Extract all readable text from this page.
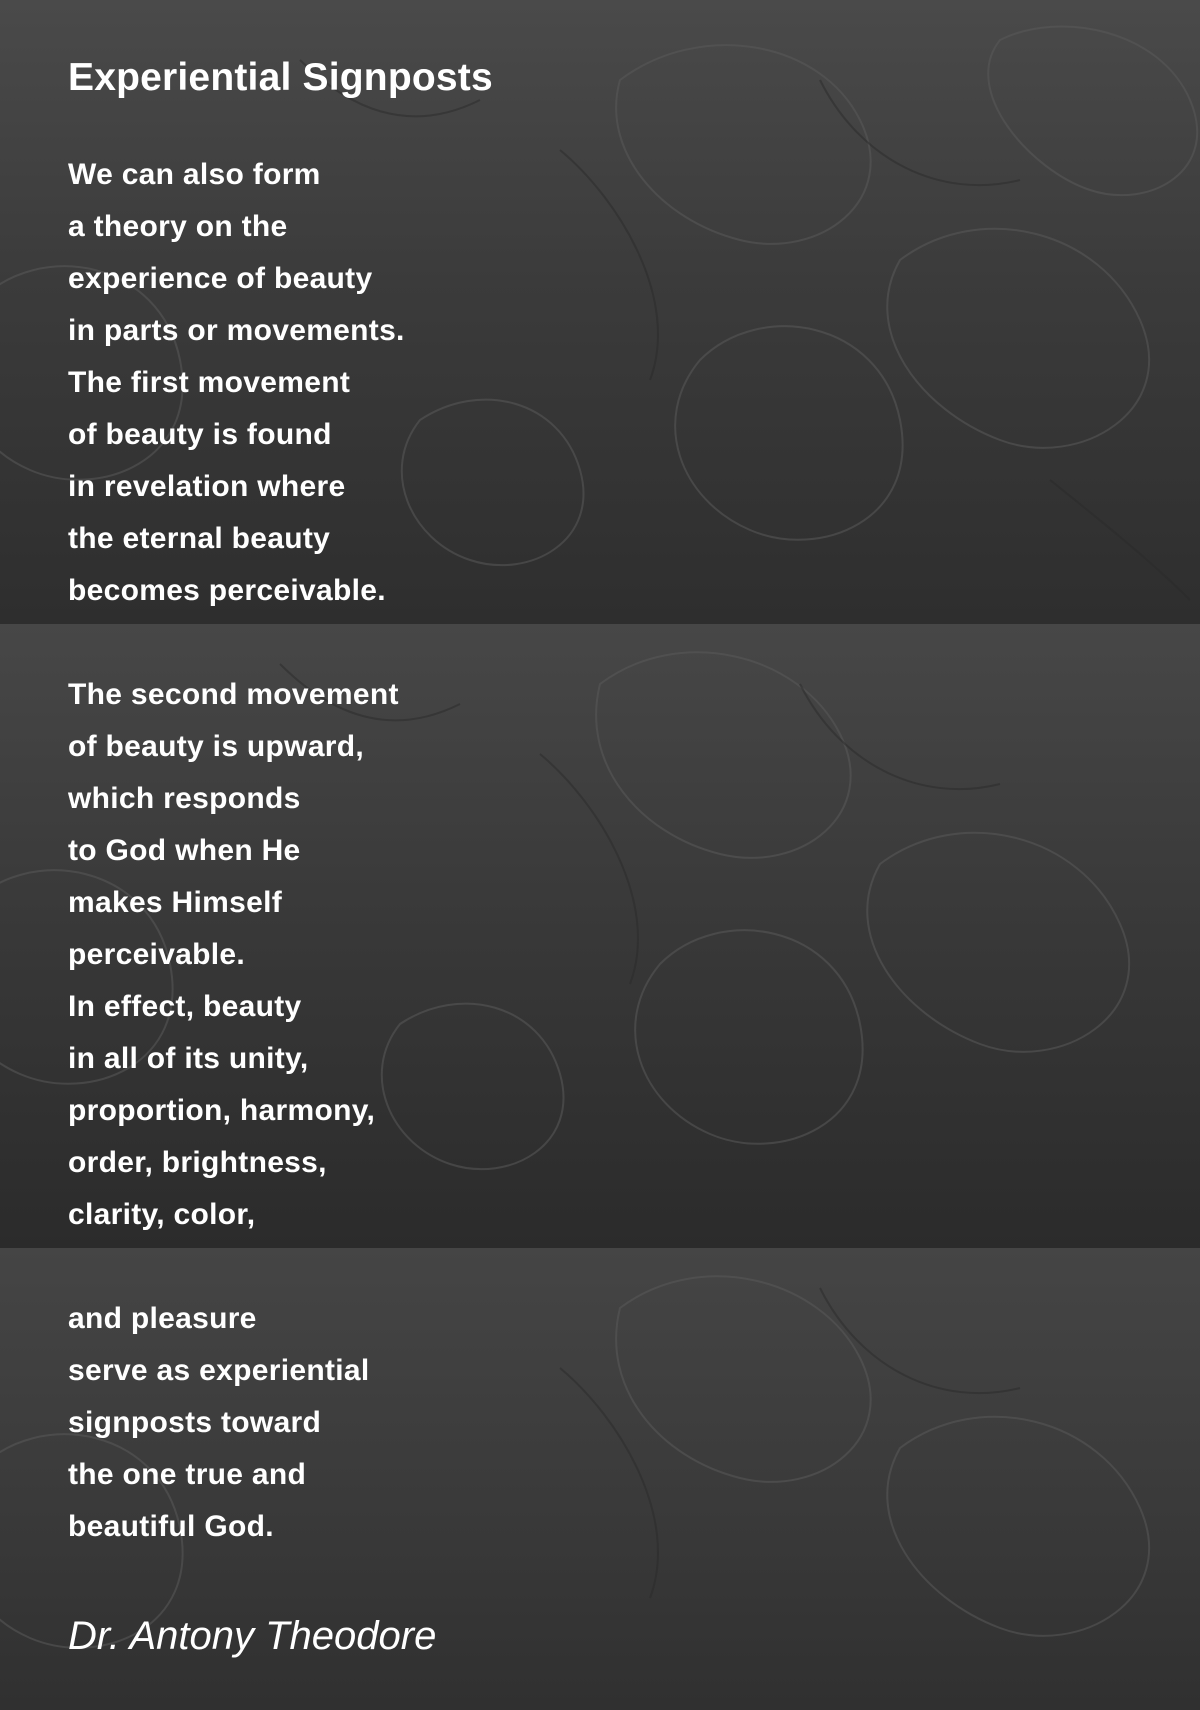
Experiential Signposts
We can also form
a theory on the
experience of beauty
in parts or movements.
The first movement
of beauty is found
in revelation where
the eternal beauty
becomes perceivable.
The second movement
of beauty is upward,
which responds
to God when He
makes Himself
perceivable.
In effect, beauty
in all of its unity,
proportion, harmony,
order, brightness,
clarity, color,
and pleasure
serve as experiential
signposts toward
the one true and
beautiful God.

Dr. Antony Theodore
